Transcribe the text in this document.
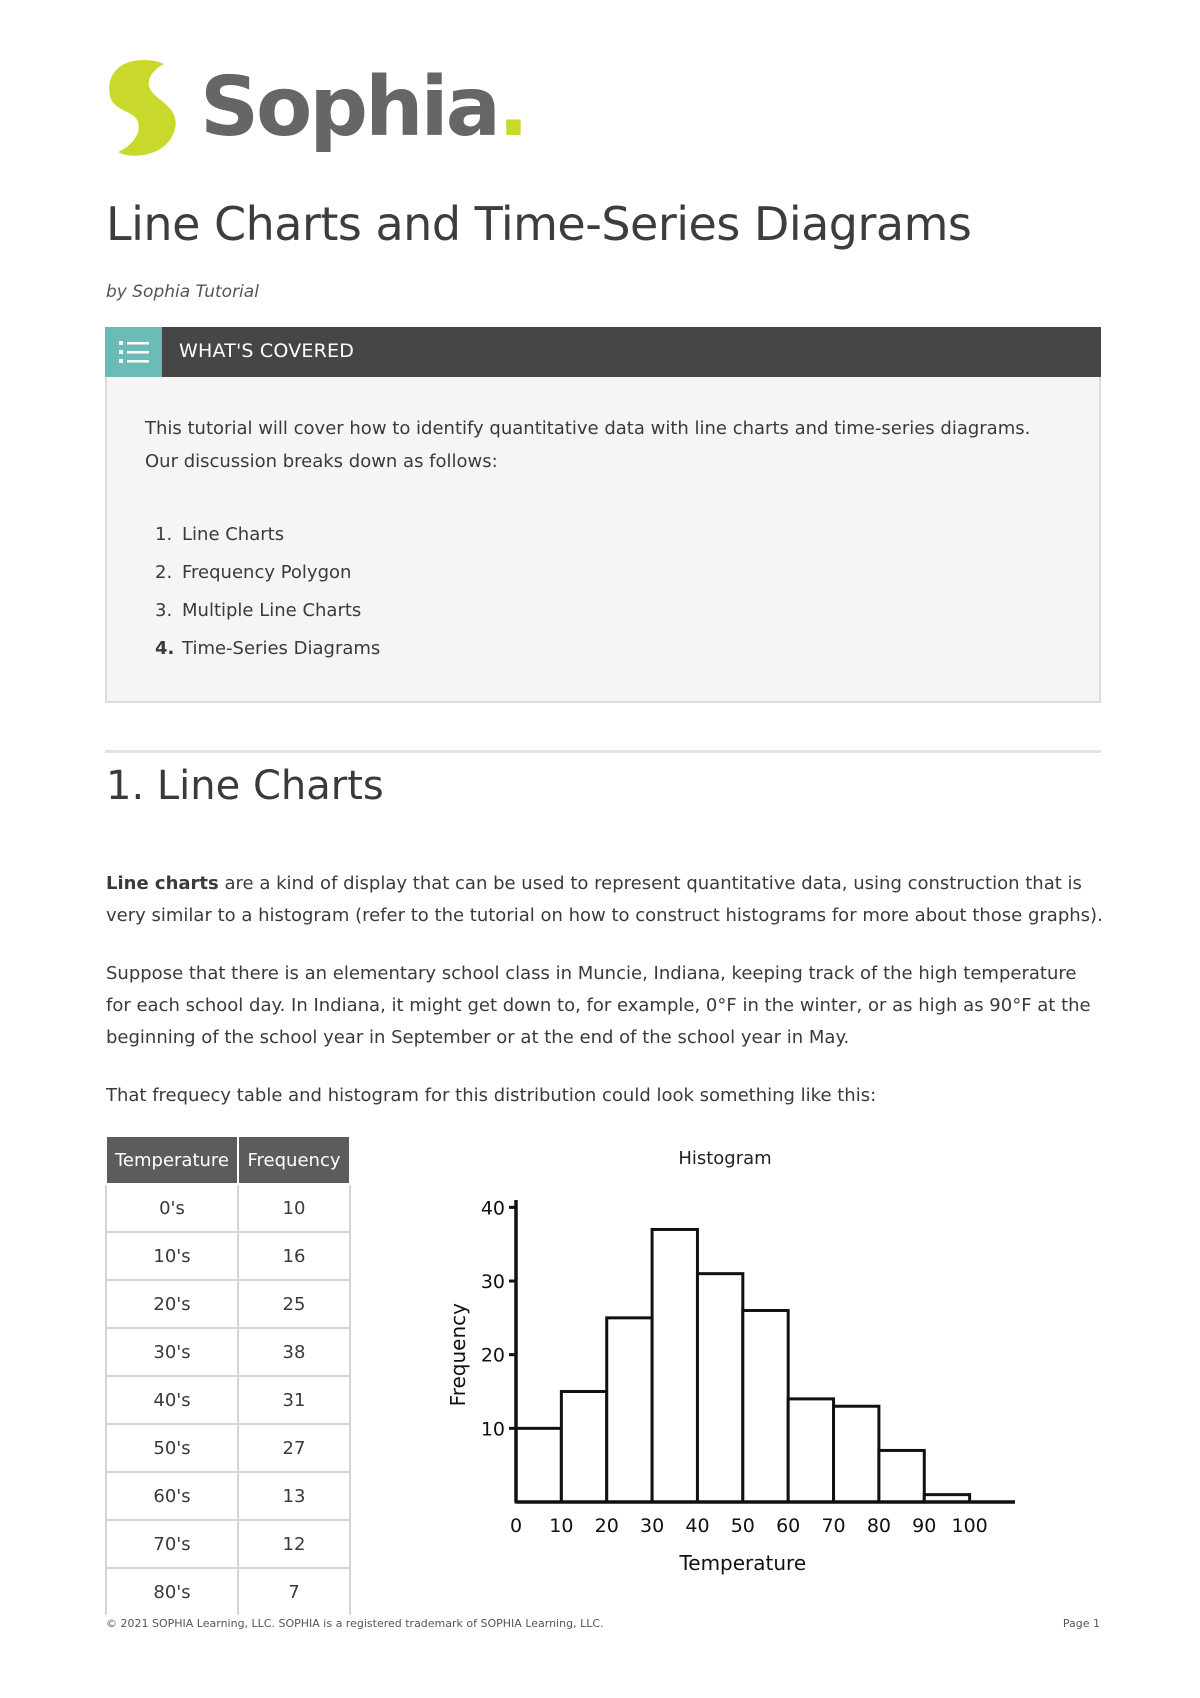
Sophia.
Line Charts and Time-Series Diagrams
by Sophia Tutorial
WHAT'S COVERED

This tutorial will cover how to identify quantitative data with line charts and time-series diagrams. Our discussion breaks down as follows:

1. Line Charts
2. Frequency Polygon
3. Multiple Line Charts
4. Time-Series Diagrams
1. Line Charts

Line charts are a kind of display that can be used to represent quantitative data, using construction that is very similar to a histogram (refer to the tutorial on how to construct histograms for more about those graphs).

Suppose that there is an elementary school class in Muncie, Indiana, keeping track of the high temperature for each school day. In Indiana, it might get down to, for example, 0°F in the winter, or as high as 90°F at the beginning of the school year in September or at the end of the school year in May.

That frequecy table and histogram for this distribution could look something like this:

Temperature	Frequency
0's	10
10's	16
20's	25
30's	38
40's	31
50's	27
60's	13
70's	12
80's	7
Histogram
10
20
30
40
0 10 20 30 40 50 60 70 80 90 100
Temperature
Frequency
© 2021 SOPHIA Learning, LLC. SOPHIA is a registered trademark of SOPHIA Learning, LLC.	Page 1
